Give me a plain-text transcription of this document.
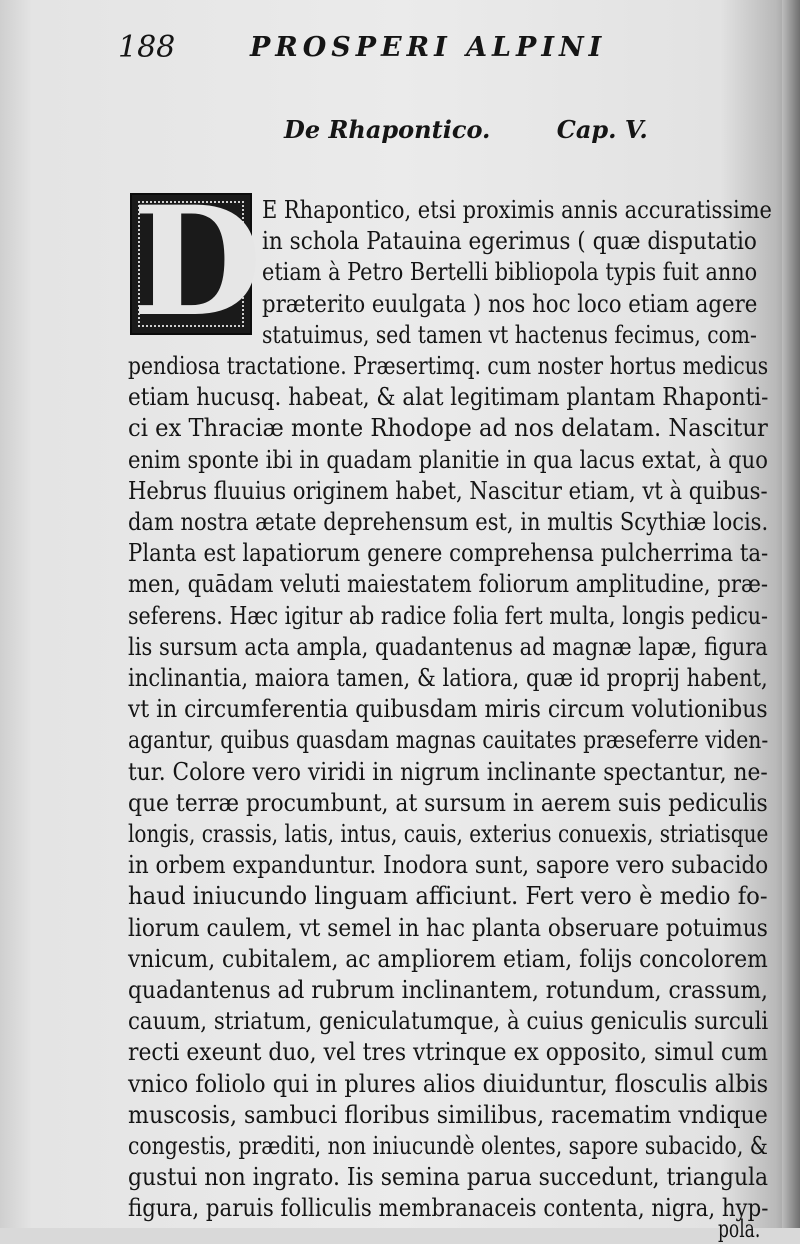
188	PROSPERI ALPINI
De Rhapontico.	Cap. V.
D E Rhapontico, etsi proximis annis accuratissime
in schola Patauina egerimus ( quæ disputatio
etiam à Petro Bertelli bibliopola typis fuit anno
præterito euulgata ) nos hoc loco etiam agere
statuimus, sed tamen vt hactenus fecimus, com-
pendiosa tractatione. Præsertimq. cum noster hortus medicus
etiam hucusq. habeat, & alat legitimam plantam Rhaponti-
ci ex Thraciæ monte Rhodope ad nos delatam. Nascitur
enim sponte ibi in quadam planitie in qua lacus extat, à quo
Hebrus fluuius originem habet, Nascitur etiam, vt à quibus-
dam nostra ætate deprehensum est, in multis Scythiæ locis.
Planta est lapatiorum genere comprehensa pulcherrima ta-
men, quādam veluti maiestatem foliorum amplitudine, præ-
seferens. Hæc igitur ab radice folia fert multa, longis pedicu-
lis sursum acta ampla, quadantenus ad magnæ lapæ, figura
inclinantia, maiora tamen, & latiora, quæ id proprij habent,
vt in circumferentia quibusdam miris circum volutionibus
agantur, quibus quasdam magnas cauitates præseferre viden-
tur. Colore vero viridi in nigrum inclinante spectantur, ne-
que terræ procumbunt, at sursum in aerem suis pediculis
longis, crassis, latis, intus, cauis, exterius conuexis, striatisque
in orbem expanduntur. Inodora sunt, sapore vero subacido
haud iniucundo linguam afficiunt. Fert vero è medio fo-
liorum caulem, vt semel in hac planta obseruare potuimus
vnicum, cubitalem, ac ampliorem etiam, folijs concolorem
quadantenus ad rubrum inclinantem, rotundum, crassum,
cauum, striatum, geniculatumque, à cuius geniculis surculi
recti exeunt duo, vel tres vtrinque ex opposito, simul cum
vnico foliolo qui in plures alios diuiduntur, flosculis albis
muscosis, sambuci floribus similibus, racematim vndique
congestis, præditi, non iniucundè olentes, sapore subacido, &
gustui non ingrato. Iis semina parua succedunt, triangula
figura, paruis folliculis membranaceis contenta, nigra, hyp-
pola.
